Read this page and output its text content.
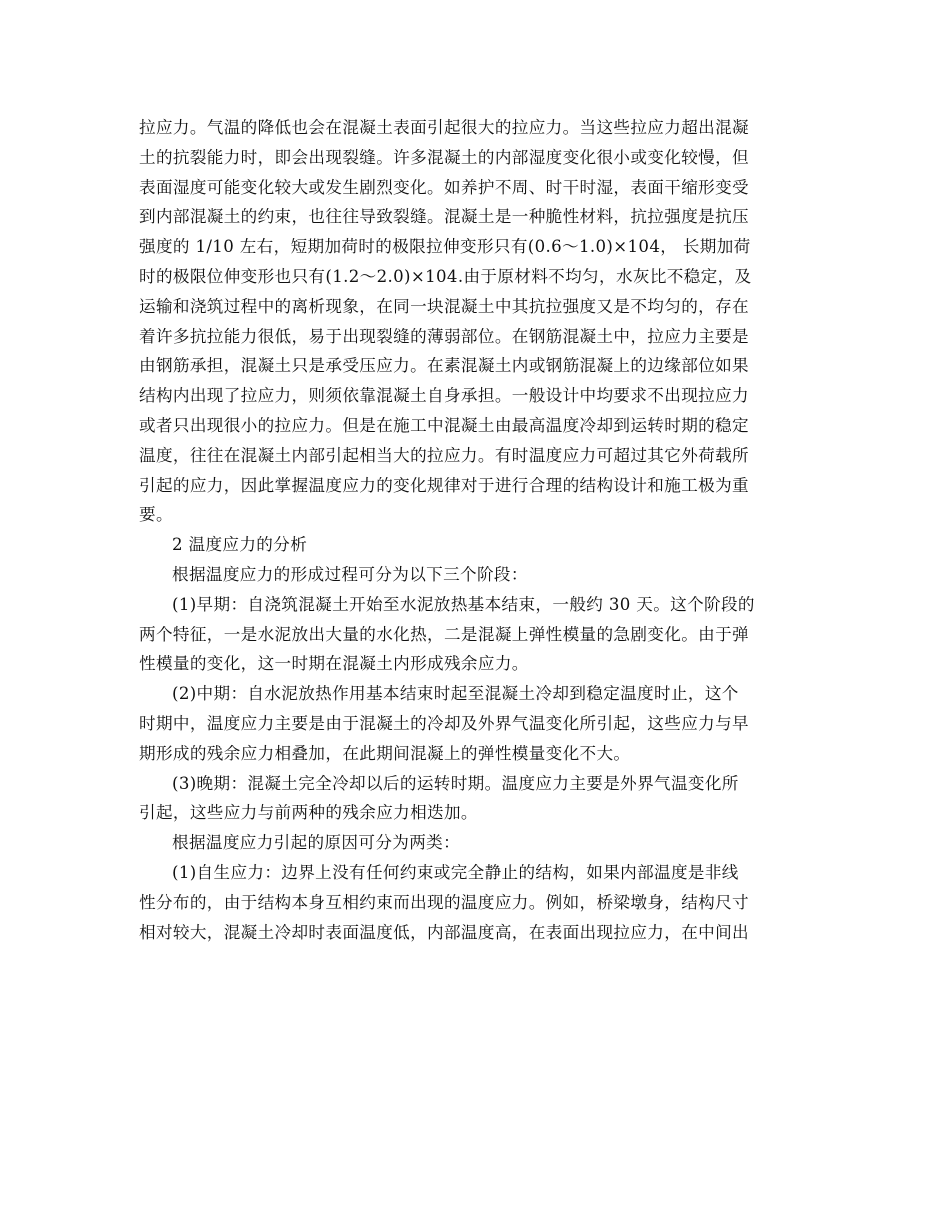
拉应力。气温的降低也会在混凝土表面引起很大的拉应力。当这些拉应力超出混凝
土的抗裂能力时，即会出现裂缝。许多混凝土的内部湿度变化很小或变化较慢，但
表面湿度可能变化较大或发生剧烈变化。如养护不周、时干时湿，表面干缩形变受
到内部混凝土的约束，也往往导致裂缝。混凝土是一种脆性材料，抗拉强度是抗压
强度的 1/10 左右，短期加荷时的极限拉伸变形只有(0.6～1.0)×104， 长期加荷
时的极限位伸变形也只有(1.2～2.0)×104.由于原材料不均匀，水灰比不稳定，及
运输和浇筑过程中的离析现象，在同一块混凝土中其抗拉强度又是不均匀的，存在
着许多抗拉能力很低，易于出现裂缝的薄弱部位。在钢筋混凝土中，拉应力主要是
由钢筋承担，混凝土只是承受压应力。在素混凝土内或钢筋混凝上的边缘部位如果
结构内出现了拉应力，则须依靠混凝土自身承担。一般设计中均要求不出现拉应力
或者只出现很小的拉应力。但是在施工中混凝土由最高温度冷却到运转时期的稳定
温度，往往在混凝土内部引起相当大的拉应力。有时温度应力可超过其它外荷载所
引起的应力，因此掌握温度应力的变化规律对于进行合理的结构设计和施工极为重
要。
2 温度应力的分析
根据温度应力的形成过程可分为以下三个阶段：
(1)早期：自浇筑混凝土开始至水泥放热基本结束，一般约 30 天。这个阶段的
两个特征，一是水泥放出大量的水化热，二是混凝上弹性模量的急剧变化。由于弹
性模量的变化，这一时期在混凝土内形成残余应力。
(2)中期：自水泥放热作用基本结束时起至混凝土冷却到稳定温度时止，这个
时期中，温度应力主要是由于混凝土的冷却及外界气温变化所引起，这些应力与早
期形成的残余应力相叠加，在此期间混凝上的弹性模量变化不大。
(3)晚期：混凝土完全冷却以后的运转时期。温度应力主要是外界气温变化所
引起，这些应力与前两种的残余应力相迭加。
根据温度应力引起的原因可分为两类：
(1)自生应力：边界上没有任何约束或完全静止的结构，如果内部温度是非线
性分布的，由于结构本身互相约束而出现的温度应力。例如，桥梁墩身，结构尺寸
相对较大，混凝土冷却时表面温度低，内部温度高，在表面出现拉应力，在中间出
